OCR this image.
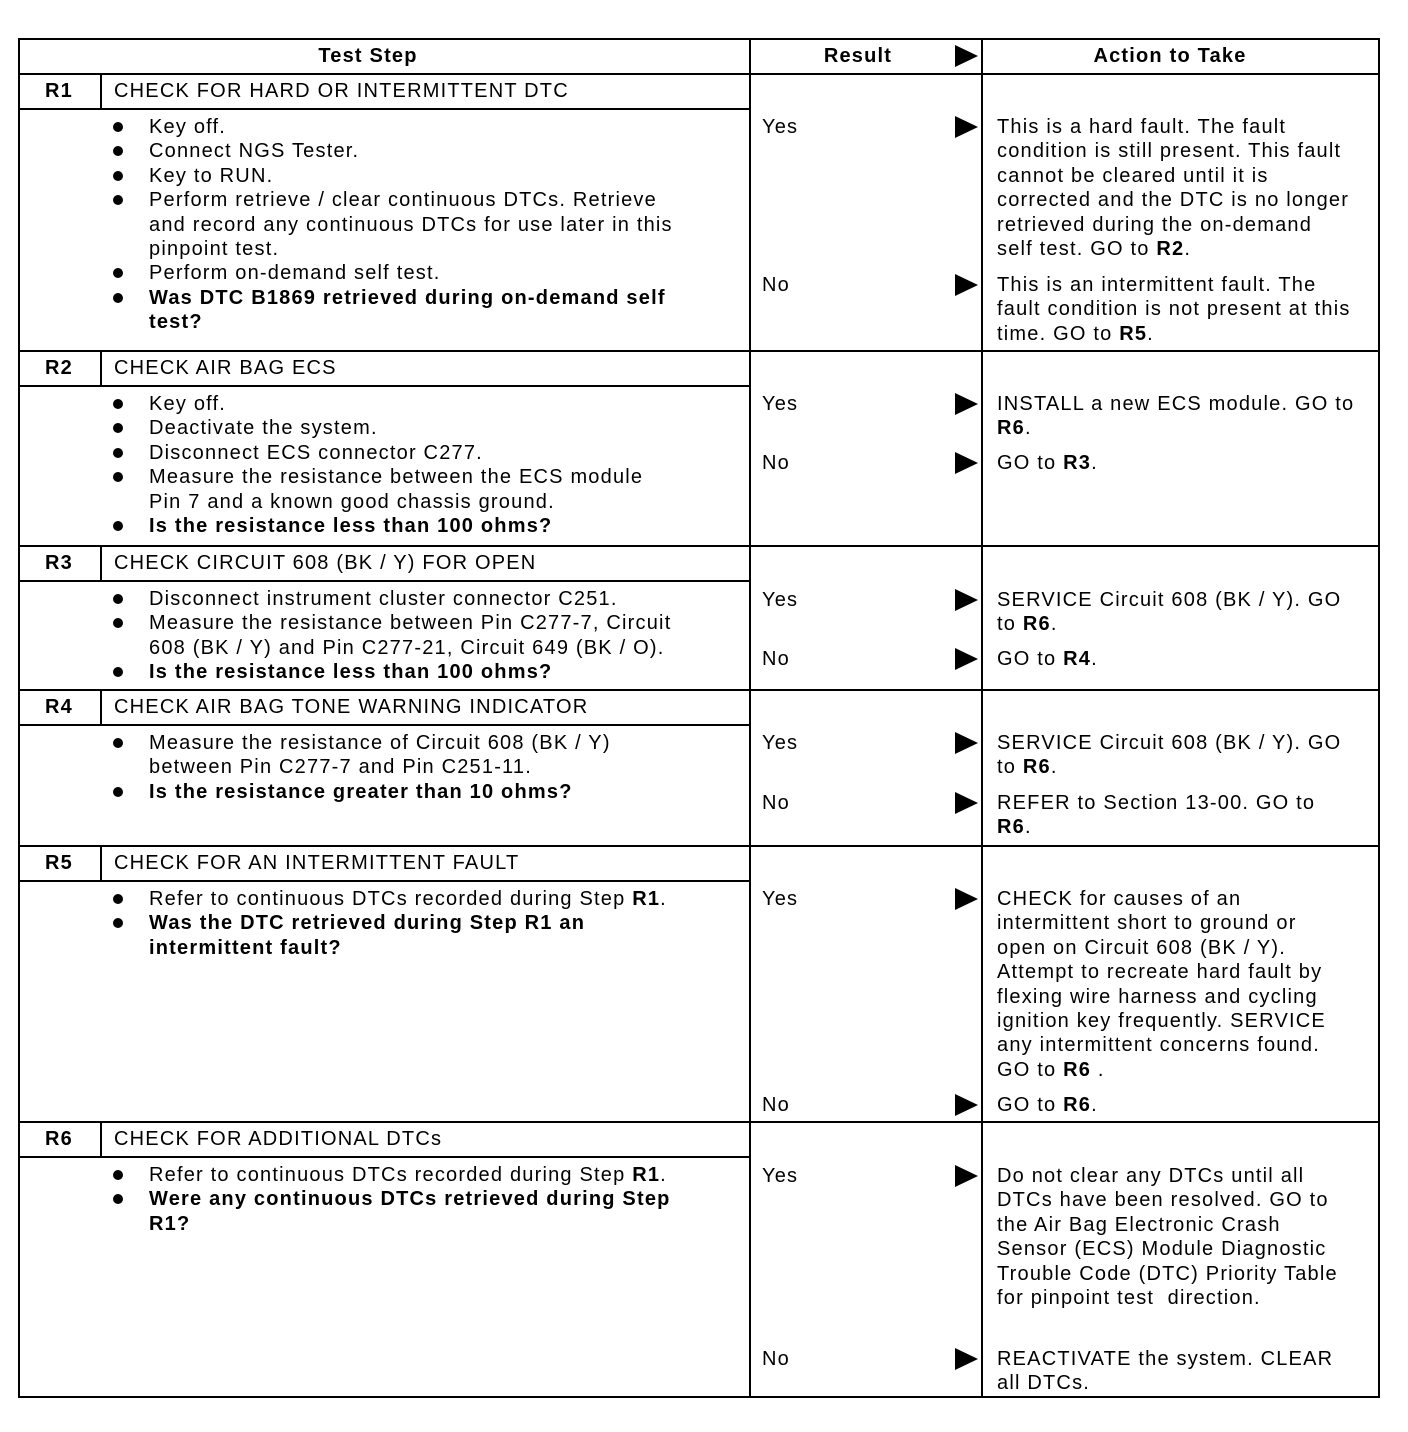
Test Step	Result	Action to Take
R1	CHECK FOR HARD OR INTERMITTENT DTC
Key off.
Connect NGS Tester.
Key to RUN.
Perform retrieve / clear continuous DTCs. Retrieve
and record any continuous DTCs for use later in this
pinpoint test.
Perform on-demand self test.
Was DTC B1869 retrieved during on-demand self
test?
Yes	This is a hard fault. The fault
condition is still present. This fault
cannot be cleared until it is
corrected and the DTC is no longer
retrieved during the on-demand
self test. GO to R2.
No	This is an intermittent fault. The
fault condition is not present at this
time. GO to R5.
R2	CHECK AIR BAG ECS
Key off.
Deactivate the system.
Disconnect ECS connector C277.
Measure the resistance between the ECS module
Pin 7 and a known good chassis ground.
Is the resistance less than 100 ohms?
Yes	INSTALL a new ECS module. GO to
R6.
No	GO to R3.
R3	CHECK CIRCUIT 608 (BK / Y) FOR OPEN
Disconnect instrument cluster connector C251.
Measure the resistance between Pin C277-7, Circuit
608 (BK / Y) and Pin C277-21, Circuit 649 (BK / O).
Is the resistance less than 100 ohms?
Yes	SERVICE Circuit 608 (BK / Y). GO
to R6.
No	GO to R4.
R4	CHECK AIR BAG TONE WARNING INDICATOR
Measure the resistance of Circuit 608 (BK / Y)
between Pin C277-7 and Pin C251-11.
Is the resistance greater than 10 ohms?
Yes	SERVICE Circuit 608 (BK / Y). GO
to R6.
No	REFER to Section 13-00. GO to
R6.
R5	CHECK FOR AN INTERMITTENT FAULT
Refer to continuous DTCs recorded during Step R1.
Was the DTC retrieved during Step R1 an
intermittent fault?
Yes	CHECK for causes of an
intermittent short to ground or
open on Circuit 608 (BK / Y).
Attempt to recreate hard fault by
flexing wire harness and cycling
ignition key frequently. SERVICE
any intermittent concerns found.
GO to R6 .
No	GO to R6.
R6	CHECK FOR ADDITIONAL DTCs
Refer to continuous DTCs recorded during Step R1.
Were any continuous DTCs retrieved during Step
R1?
Yes	Do not clear any DTCs until all
DTCs have been resolved. GO to
the Air Bag Electronic Crash
Sensor (ECS) Module Diagnostic
Trouble Code (DTC) Priority Table
for pinpoint test  direction.
No	REACTIVATE the system. CLEAR
all DTCs.
